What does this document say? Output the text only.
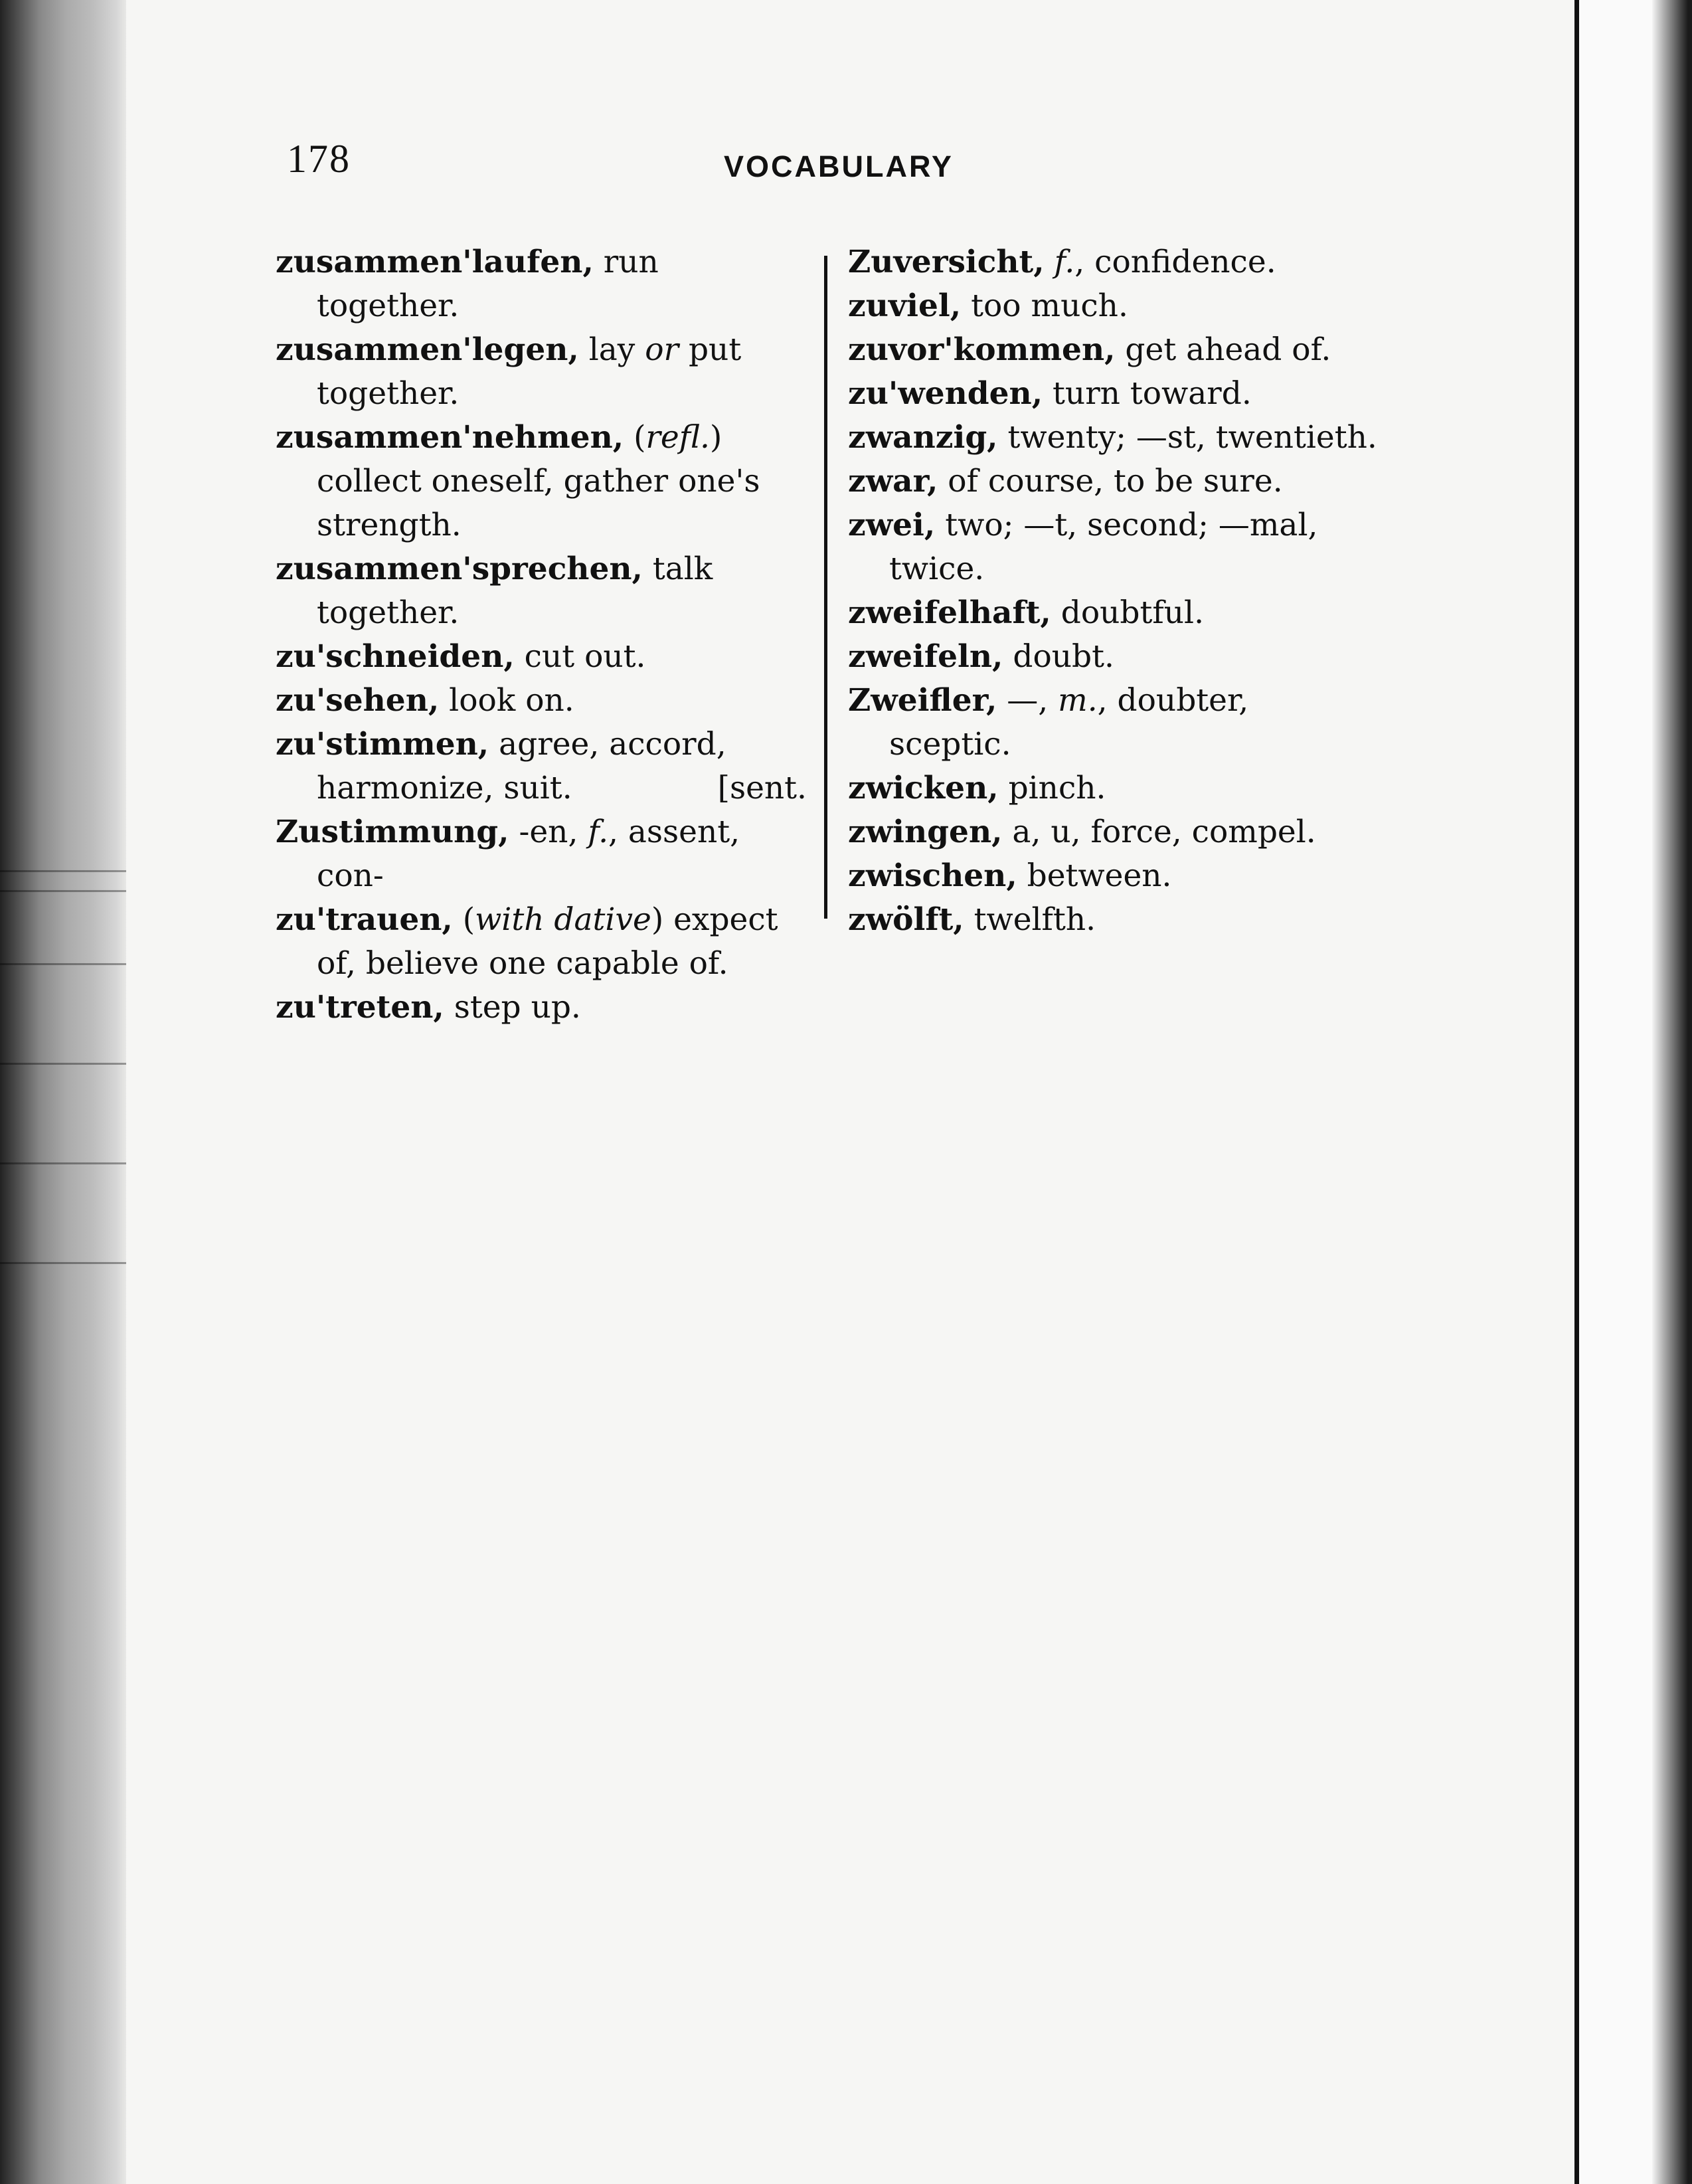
178	VOCABULARY
zusammen'laufen, run together.
zusammen'legen, lay or put together.
zusammen'nehmen, (refl.) collect oneself, gather one's strength.
zusammen'sprechen, talk together.
zu'schneiden, cut out.
zu'sehen, look on.
zu'stimmen, agree, accord, harmonize, suit.	[sent.
Zustimmung, -en, f., assent, con-
zu'trauen, (with dative) expect of, believe one capable of.
zu'treten, step up.
Zuversicht, f., confidence.
zuviel, too much.
zuvor'kommen, get ahead of.
zu'wenden, turn toward.
zwanzig, twenty; —st, twentieth.
zwar, of course, to be sure.
zwei, two; —t, second; —mal, twice.
zweifelhaft, doubtful.
zweifeln, doubt.
Zweifler, —, m., doubter, sceptic.
zwicken, pinch.
zwingen, a, u, force, compel.
zwischen, between.
zwölft, twelfth.
